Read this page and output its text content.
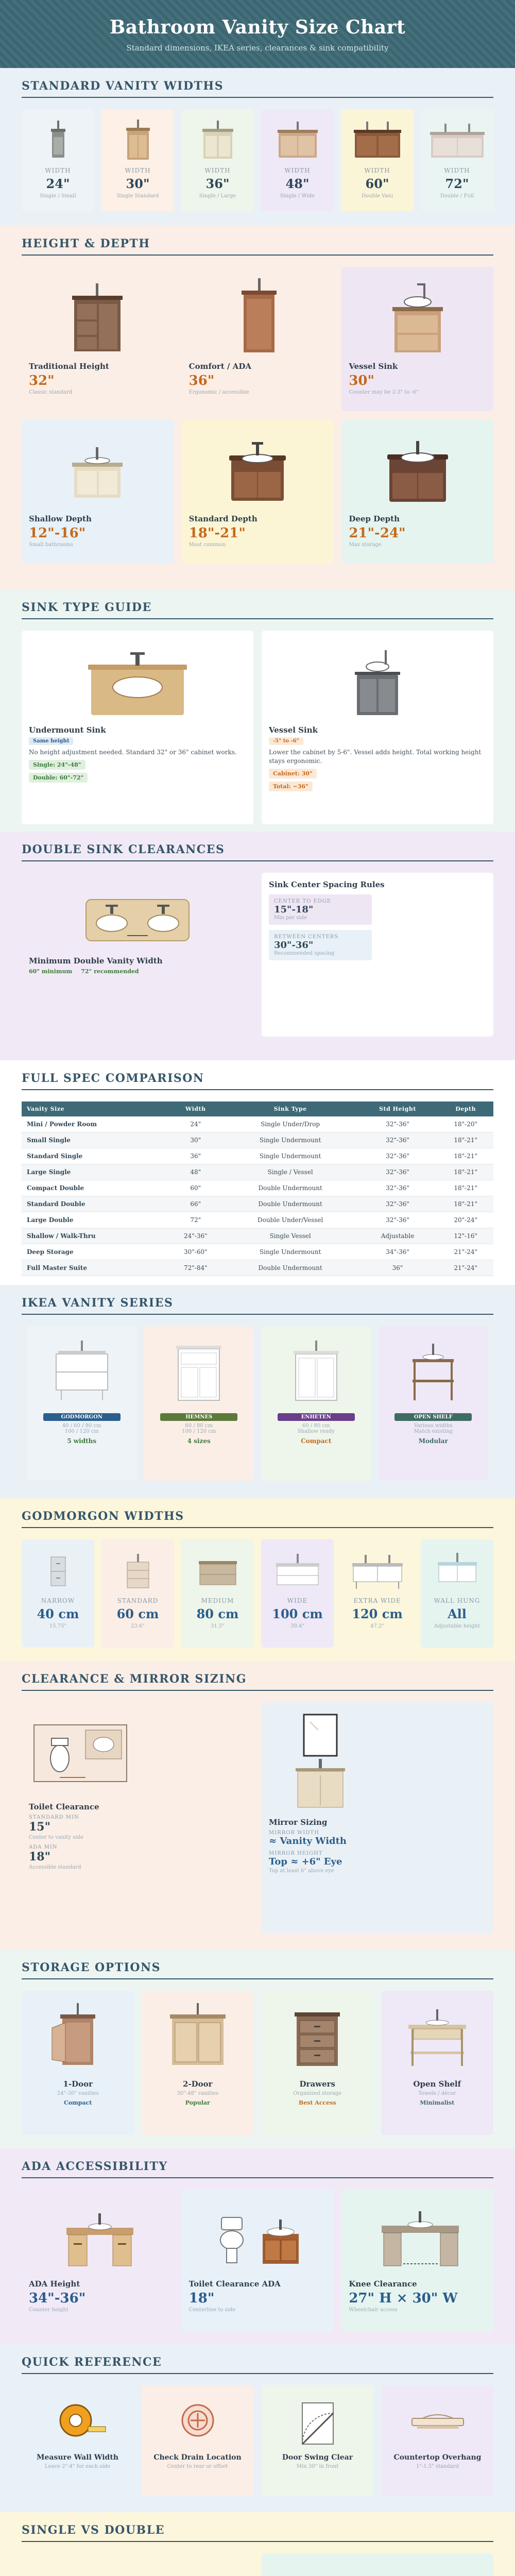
Bathroom Vanity Size Chart

Standard dimensions, IKEA series, clearances & sink compatibility

STANDARD VANITY WIDTHS
WIDTH
24"
Single / Small
WIDTH
30"
Single Standard
WIDTH
36"
Single / Large
WIDTH
48"
Single / Wide
WIDTH
60"
Double Vani
WIDTH
72"
Double / Full
HEIGHT & DEPTH
Traditional Height
32"
Classic standard
Comfort / ADA
36"
Ergonomic / accessible
Vessel Sink
30"
Counter may be 2-3" to -6"
Shallow Depth
12"-16"
Small bathrooms
Standard Depth
18"-21"
Most common
Deep Depth
21"-24"
Max storage
SINK TYPE GUIDE
Undermount Sink
Same height
No height adjustment needed. Standard 32" or 36" cabinet works.
Single: 24"-48"
Double: 60"-72"
Vessel Sink
-5" to -6"
Lower the cabinet by 5-6". Vessel adds height. Total working height stays ergonomic.
Cabinet: 30"
Total: ~36"
DOUBLE SINK CLEARANCES
Minimum Double Vanity Width
60" minimum 72" recommended
Sink Center Spacing Rules
CENTER TO EDGE
15"-18"
Min per side
BETWEEN CENTERS
30"-36"
Recommended spacing
FULL SPEC COMPARISON
Vanity Size	Width	Sink Type	Std Height	Depth
Mini / Powder Room	24"	Single Under/Drop	32"-36"	18"-20"
Small Single	30"	Single Undermount	32"-36"	18"-21"
Standard Single	36"	Single Undermount	32"-36"	18"-21"
Large Single	48"	Single / Vessel	32"-36"	18"-21"
Compact Double	60"	Double Undermount	32"-36"	18"-21"
Standard Double	66"	Double Undermount	32"-36"	18"-21"
Large Double	72"	Double Under/Vessel	32"-36"	20"-24"
Shallow / Walk-Thru	24"-36"	Single Vessel	Adjustable	12"-16"
Deep Storage	30"-60"	Single Undermount	34"-36"	21"-24"
Full Master Suite	72"-84"	Double Undermount	36"	21"-24"
IKEA VANITY SERIES
GODMORGON
40 / 60 / 80 cm
100 / 120 cm
5 widths
HEMNES
60 / 80 cm
100 / 120 cm
4 sizes
ENHETEN
60 / 80 cm
Shallow ready
Compact
OPEN SHELF
Various widths
Match existing
Modular
GODMORGON WIDTHS
NARROW
40 cm
15.75"
STANDARD
60 cm
23.6"
MEDIUM
80 cm
31.5"
WIDE
100 cm
39.4"
EXTRA WIDE
120 cm
47.2"
WALL HUNG
All
Adjustable height
CLEARANCE & MIRROR SIZING
Toilet Clearance
STANDARD MIN
15"
Center to vanity side
ADA MIN
18"
Accessible standard
Mirror Sizing
MIRROR WIDTH
≈ Vanity Width
MIRROR HEIGHT
Top ≈ +6" Eye
Top at least 6" above eye
STORAGE OPTIONS
1-Door
24"-30" vanities
Compact
2-Door
30"-48" vanities
Popular
Drawers
Organized storage
Best Access
Open Shelf
Towels / décor
Minimalist
ADA ACCESSIBILITY
ADA Height
34"-36"
Counter height
Toilet Clearance ADA
18"
Centerline to side
Knee Clearance
27" H × 30" W
Wheelchair access
QUICK REFERENCE
Measure Wall Width
Leave 2"-4" for each side
Check Drain Location
Center to rear or offset
Door Swing Clear
Min 30" in front
Countertop Overhang
1"-1.5" standard
SINGLE VS DOUBLE
